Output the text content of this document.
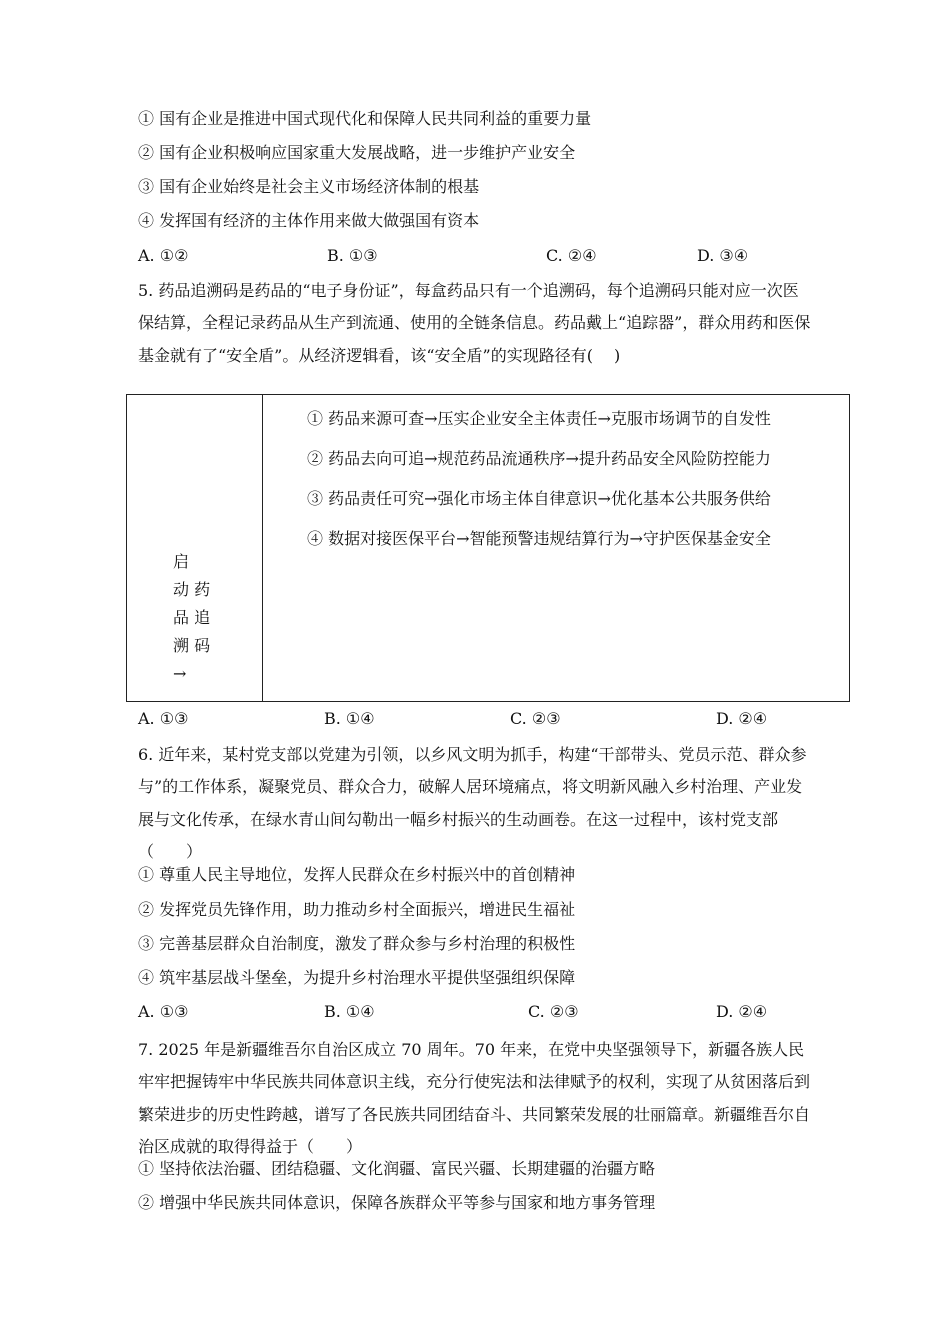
① 国有企业是推进中国式现代化和保障人民共同利益的重要力量
② 国有企业积极响应国家重大发展战略，进一步维护产业安全
③ 国有企业始终是社会主义市场经济体制的根基
④ 发挥国有经济的主体作用来做大做强国有资本
A. ①②	B. ①③	C. ②④	D. ③④
5. 药品追溯码是药品的“电子身份证”，每盒药品只有一个追溯码，每个追溯码只能对应一次医保结算，全程记录药品从生产到流通、使用的全链条信息。药品戴上“追踪器”，群众用药和医保基金就有了“安全盾”。从经济逻辑看，该“安全盾”的实现路径有(　 )
启
动 药
品 追
溯 码
→
① 药品来源可查→压实企业安全主体责任→克服市场调节的自发性
② 药品去向可追→规范药品流通秩序→提升药品安全风险防控能力
③ 药品责任可究→强化市场主体自律意识→优化基本公共服务供给
④ 数据对接医保平台→智能预警违规结算行为→守护医保基金安全
A. ①③	B. ①④	C. ②③	D. ②④
6. 近年来，某村党支部以党建为引领，以乡风文明为抓手，构建“干部带头、党员示范、群众参与”的工作体系，凝聚党员、群众合力，破解人居环境痛点，将文明新风融入乡村治理、产业发展与文化传承，在绿水青山间勾勒出一幅乡村振兴的生动画卷。在这一过程中，该村党支部（　　）
① 尊重人民主导地位，发挥人民群众在乡村振兴中的首创精神
② 发挥党员先锋作用，助力推动乡村全面振兴，增进民生福祉
③ 完善基层群众自治制度，激发了群众参与乡村治理的积极性
④ 筑牢基层战斗堡垒，为提升乡村治理水平提供坚强组织保障
A. ①③	B. ①④	C. ②③	D. ②④
7. 2025 年是新疆维吾尔自治区成立 70 周年。70 年来，在党中央坚强领导下，新疆各族人民牢牢把握铸牢中华民族共同体意识主线，充分行使宪法和法律赋予的权利，实现了从贫困落后到繁荣进步的历史性跨越，谱写了各民族共同团结奋斗、共同繁荣发展的壮丽篇章。新疆维吾尔自治区成就的取得得益于（　　）
① 坚持依法治疆、团结稳疆、文化润疆、富民兴疆、长期建疆的治疆方略
② 增强中华民族共同体意识，保障各族群众平等参与国家和地方事务管理
